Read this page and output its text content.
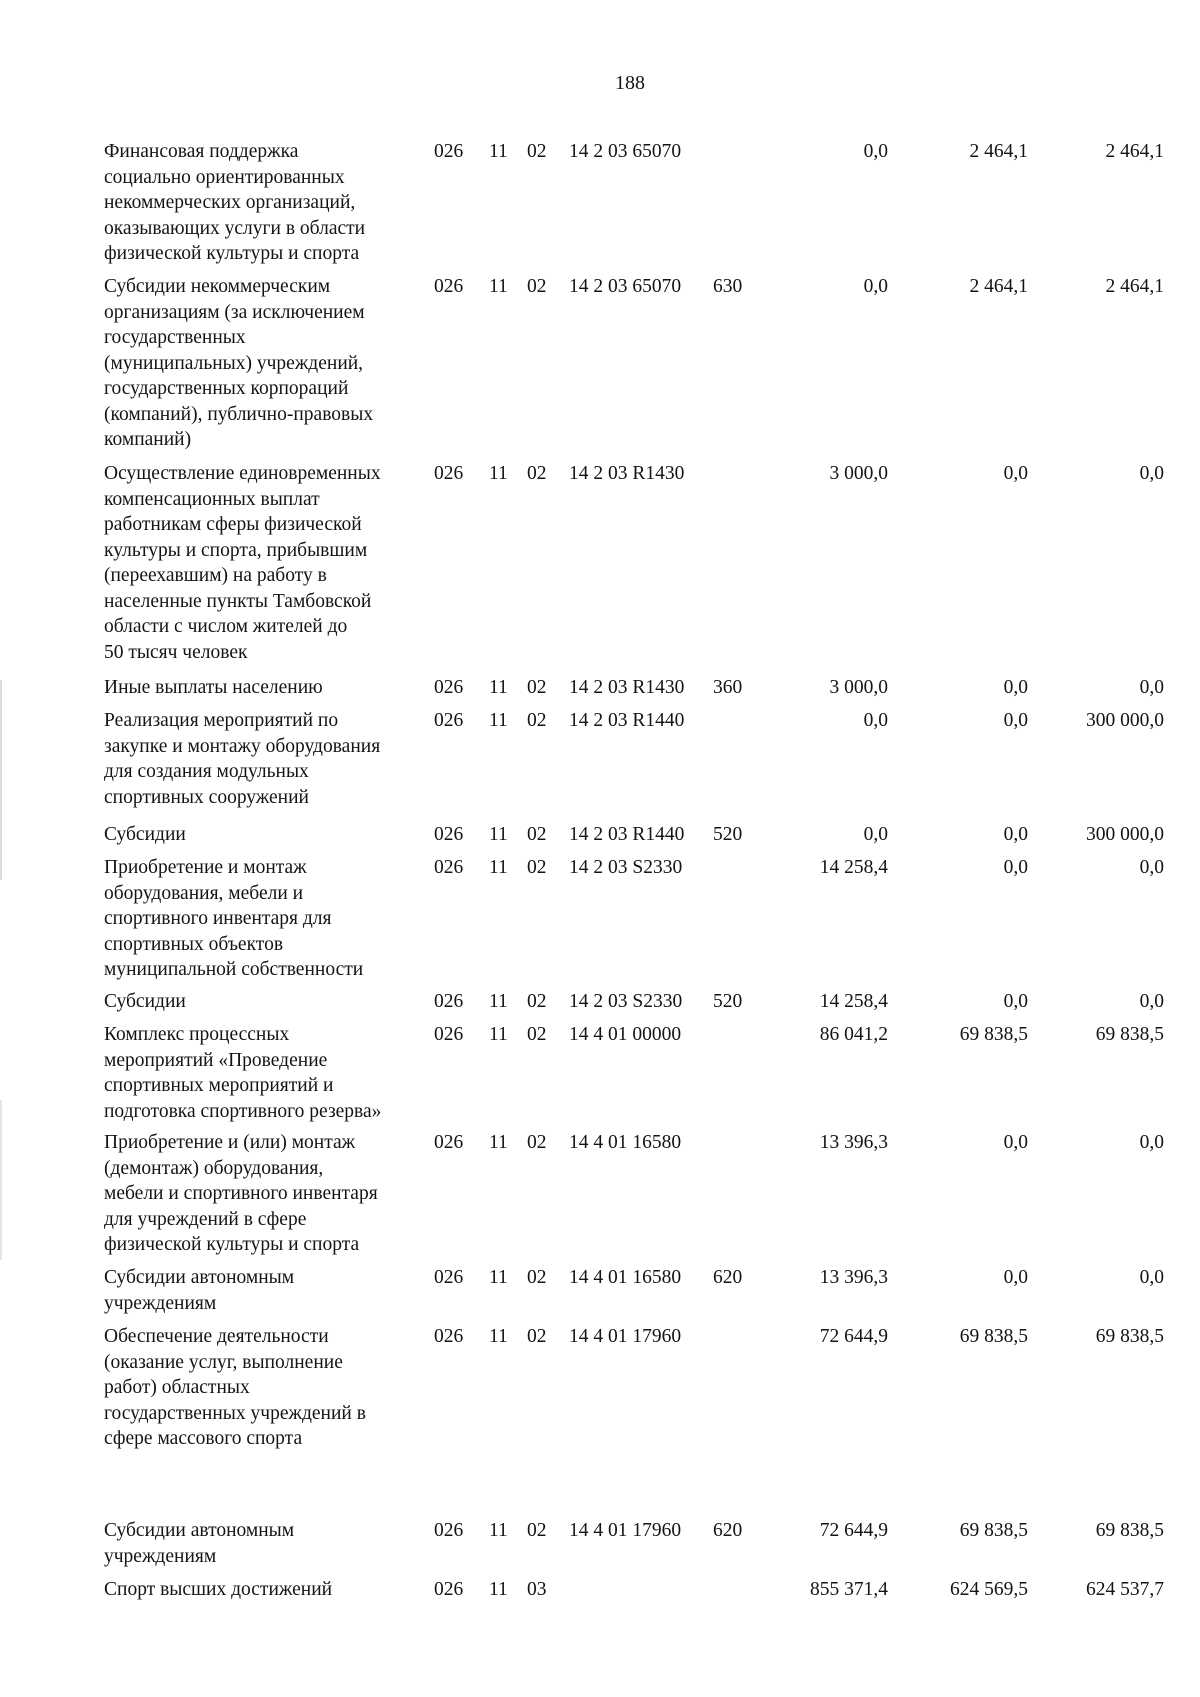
188
Финансовая поддержка
социально ориентированных
некоммерческих организаций,
оказывающих услуги в области
физической культуры и спорта
026 11 02 14 2 03 65070	0,0	2 464,1	2 464,1
Субсидии некоммерческим
организациям (за исключением
государственных
(муниципальных) учреждений,
государственных корпораций
(компаний), публично-правовых
компаний)
026 11 02 14 2 03 65070 630	0,0	2 464,1	2 464,1
Осуществление единовременных
компенсационных выплат
работникам сферы физической
культуры и спорта, прибывшим
(переехавшим) на работу в
населенные пункты Тамбовской
области с числом жителей до
50 тысяч человек
026 11 02 14 2 03 R1430	3 000,0	0,0	0,0
Иные выплаты населению	026 11 02 14 2 03 R1430 360	3 000,0	0,0	0,0
Реализация мероприятий по
закупке и монтажу оборудования
для создания модульных
спортивных сооружений
026 11 02 14 2 03 R1440	0,0	0,0	300 000,0
Субсидии	026 11 02 14 2 03 R1440 520	0,0	0,0	300 000,0
Приобретение и монтаж
оборудования, мебели и
спортивного инвентаря для
спортивных объектов
муниципальной собственности
026 11 02 14 2 03 S2330	14 258,4	0,0	0,0
Субсидии	026 11 02 14 2 03 S2330 520	14 258,4	0,0	0,0
Комплекс процессных
мероприятий «Проведение
спортивных мероприятий и
подготовка спортивного резерва»
026 11 02 14 4 01 00000	86 041,2	69 838,5	69 838,5
Приобретение и (или) монтаж
(демонтаж) оборудования,
мебели и спортивного инвентаря
для учреждений в сфере
физической культуры и спорта
026 11 02 14 4 01 16580	13 396,3	0,0	0,0
Субсидии автономным
учреждениям
026 11 02 14 4 01 16580 620	13 396,3	0,0	0,0
Обеспечение деятельности
(оказание услуг, выполнение
работ) областных
государственных учреждений в
сфере массового спорта
026 11 02 14 4 01 17960	72 644,9	69 838,5	69 838,5
Субсидии автономным
учреждениям
026 11 02 14 4 01 17960 620	72 644,9	69 838,5	69 838,5
Спорт высших достижений	026 11 03	855 371,4	624 569,5	624 537,7
